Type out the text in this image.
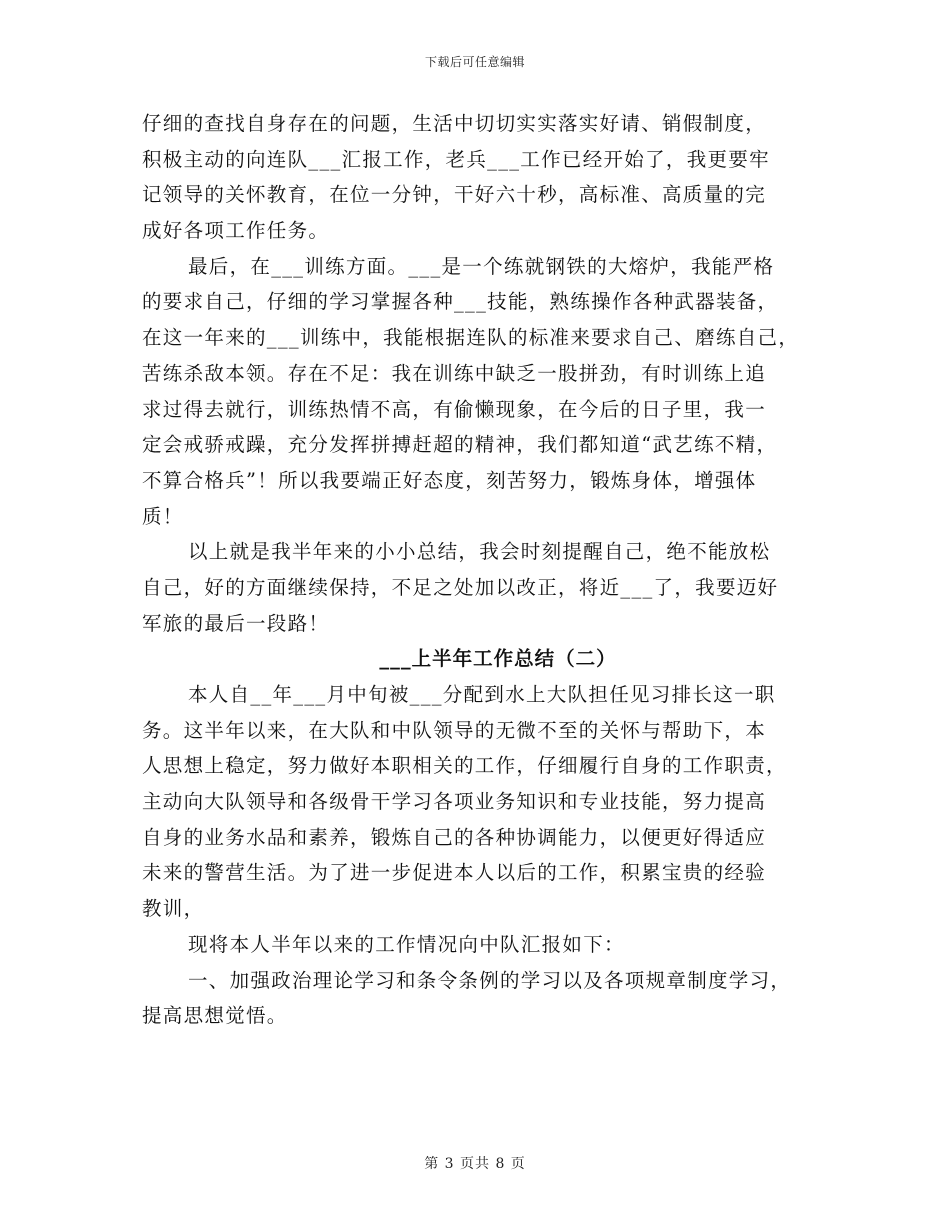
下载后可任意编辑
仔细的查找自身存在的问题，生活中切切实实落实好请、销假制度，
积极主动的向连队___汇报工作，老兵___工作已经开始了，我更要牢
记领导的关怀教育，在位一分钟，干好六十秒，高标准、高质量的完
成好各项工作任务。
最后，在___训练方面。___是一个练就钢铁的大熔炉，我能严格
的要求自己，仔细的学习掌握各种___技能，熟练操作各种武器装备，
在这一年来的___训练中，我能根据连队的标准来要求自己、磨练自己，
苦练杀敌本领。存在不足：我在训练中缺乏一股拼劲，有时训练上追
求过得去就行，训练热情不高，有偷懒现象，在今后的日子里，我一
定会戒骄戒躁，充分发挥拼搏赶超的精神，我们都知道“武艺练不精，
不算合格兵”！所以我要端正好态度，刻苦努力，锻炼身体，增强体
质！
以上就是我半年来的小小总结，我会时刻提醒自己，绝不能放松
自己，好的方面继续保持，不足之处加以改正，将近___了，我要迈好
军旅的最后一段路！
___上半年工作总结（二）
本人自__年___月中旬被___分配到水上大队担任见习排长这一职
务。这半年以来，在大队和中队领导的无微不至的关怀与帮助下，本
人思想上稳定，努力做好本职相关的工作，仔细履行自身的工作职责，
主动向大队领导和各级骨干学习各项业务知识和专业技能，努力提高
自身的业务水品和素养，锻炼自己的各种协调能力，以便更好得适应
未来的警营生活。为了进一步促进本人以后的工作，积累宝贵的经验
教训，
现将本人半年以来的工作情况向中队汇报如下：
一、加强政治理论学习和条令条例的学习以及各项规章制度学习，
提高思想觉悟。
第 3 页共 8 页
